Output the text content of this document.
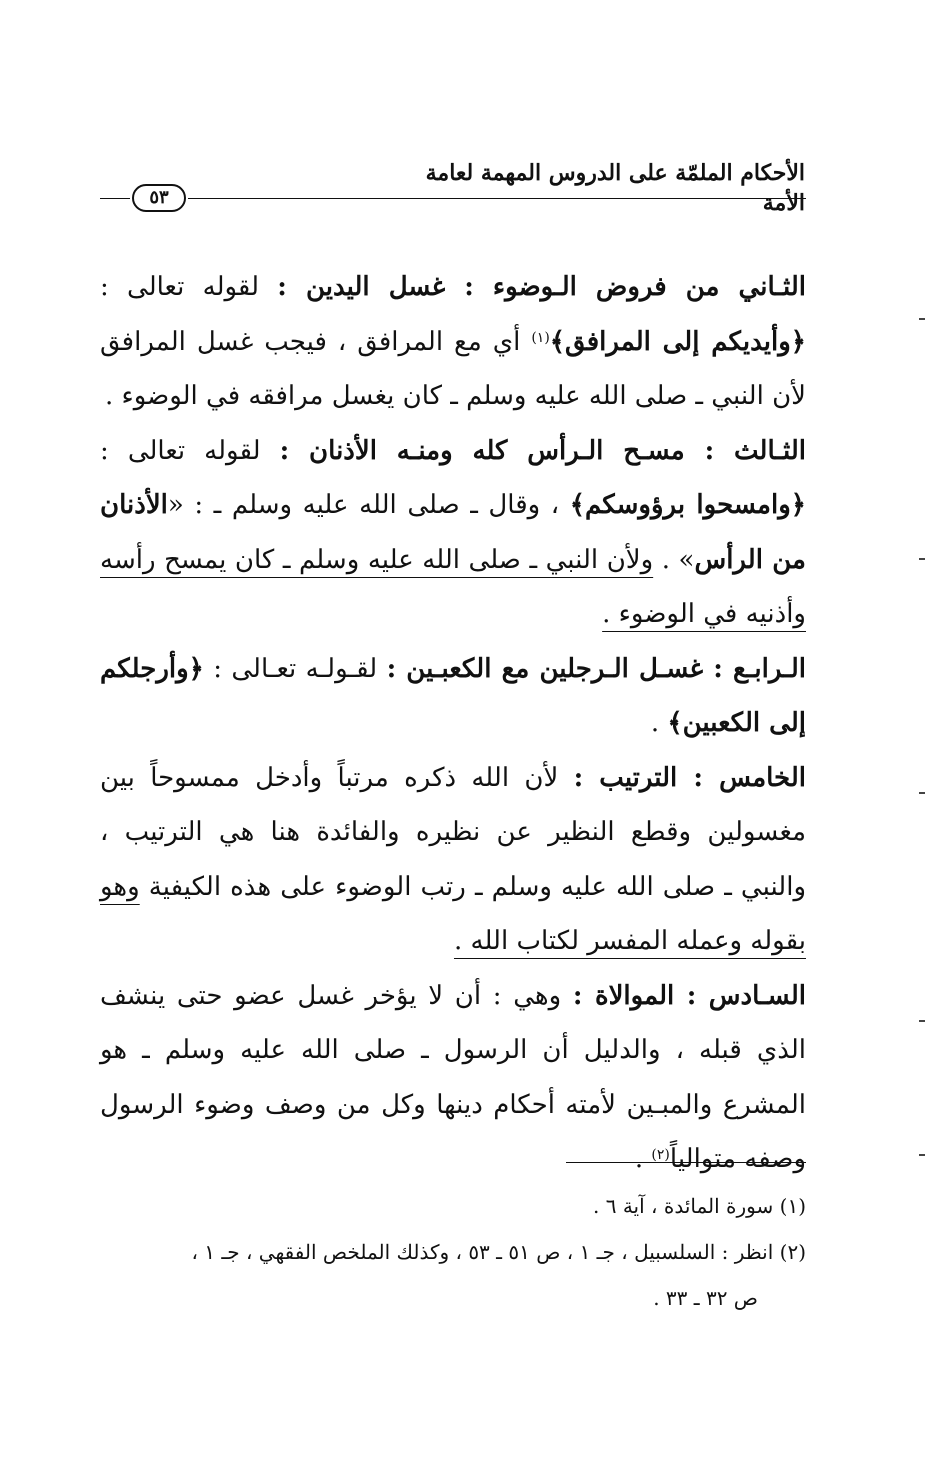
الأحكام الملمّة على الدروس المهمة لعامة الأمة
٥٣

الثـاني من فروض الـوضوء : غسل اليدين : لقوله تعالى : ﴿وأيديكم إلى المرافق﴾(١) أي مع المرافق ، فيجب غسل المرافق لأن النبي ـ صلى الله عليه وسلم ـ كان يغسل مرافقه في الوضوء .

الثـالث : مسـح الـرأس كله ومنـه الأذنان : لقوله تعالى : ﴿وامسحوا برؤوسكم﴾ ، وقال ـ صلى الله عليه وسلم ـ : «الأذنان من الرأس» . ولأن النبي ـ صلى الله عليه وسلم ـ كان يمسح رأسه وأذنيه في الوضوء .

الـرابـع : غسـل الـرجلين مع الكعبـين : لقـولـه تعـالى : ﴿وأرجلكم إلى الكعبين﴾ .

الخامس : الترتيب : لأن الله ذكره مرتباً وأدخل ممسوحاً بين مغسولين وقطع النظير عن نظيره والفائدة هنا هي الترتيب ، والنبي ـ صلى الله عليه وسلم ـ رتب الوضوء على هذه الكيفية وهو بقوله وعمله المفسر لكتاب الله .

السـادس : الموالاة : وهي : أن لا يؤخر غسل عضو حتى ينشف الذي قبله ، والدليل أن الرسول ـ صلى الله عليه وسلم ـ هو المشرع والمبـين لأمته أحكام دينها وكل من وصف وضوء الرسول وصفه متوالياً(٢) .

(١) سورة المائدة ، آية ٦ .

(٢) انظر : السلسبيل ، جـ ١ ، ص ٥١ ـ ٥٣ ، وكذلك الملخص الفقهي ، جـ ١ ،

ص ٣٢ ـ ٣٣ .
